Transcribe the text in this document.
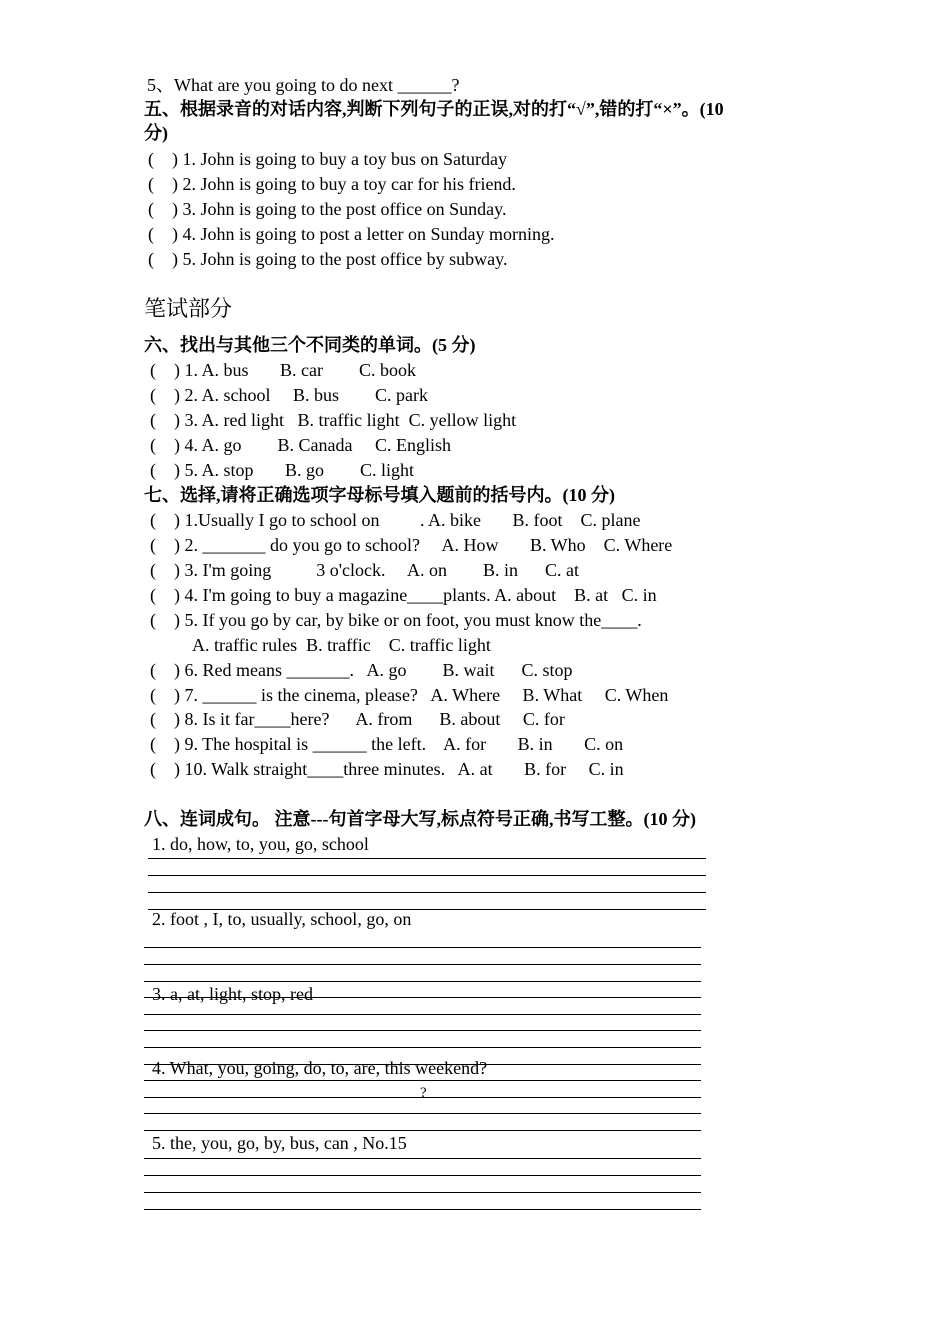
5、What are you going to do next ______?
五、根据录音的对话内容,判断下列句子的正误,对的打“√”,错的打“×”。(10
分)
(    ) 1. John is going to buy a toy bus on Saturday
(    ) 2. John is going to buy a toy car for his friend.
(    ) 3. John is going to the post office on Sunday.
(    ) 4. John is going to post a letter on Sunday morning.
(    ) 5. John is going to the post office by subway.
笔试部分
六、找出与其他三个不同类的单词。(5 分)
(    ) 1. A. bus       B. car        C. book
(    ) 2. A. school     B. bus        C. park
(    ) 3. A. red light   B. traffic light  C. yellow light
(    ) 4. A. go        B. Canada     C. English
(    ) 5. A. stop       B. go        C. light
七、选择,请将正确选项字母标号填入题前的括号内。(10 分)
(    ) 1.Usually I go to school on         . A. bike       B. foot    C. plane
(    ) 2. _______ do you go to school?     A. How       B. Who    C. Where
(    ) 3. I'm going          3 o'clock.     A. on        B. in      C. at
(    ) 4. I'm going to buy a magazine____plants. A. about    B. at   C. in
(    ) 5. If you go by car, by bike or on foot, you must know the____.
A. traffic rules  B. traffic    C. traffic light
(    ) 6. Red means _______.   A. go        B. wait      C. stop
(    ) 7. ______ is the cinema, please?   A. Where     B. What     C. When
(    ) 8. Is it far____here?      A. from      B. about     C. for
(    ) 9. The hospital is ______ the left.    A. for       B. in       C. on
(    ) 10. Walk straight____three minutes.   A. at       B. for     C. in
八、连词成句。 注意---句首字母大写,标点符号正确,书写工整。(10 分)
1. do, how, to, you, go, school
2. foot , I, to, usually, school, go, on
3. a, at, light, stop, red
4. What, you, going, do, to, are, this weekend?
?
5. the, you, go, by, bus, can , No.15
